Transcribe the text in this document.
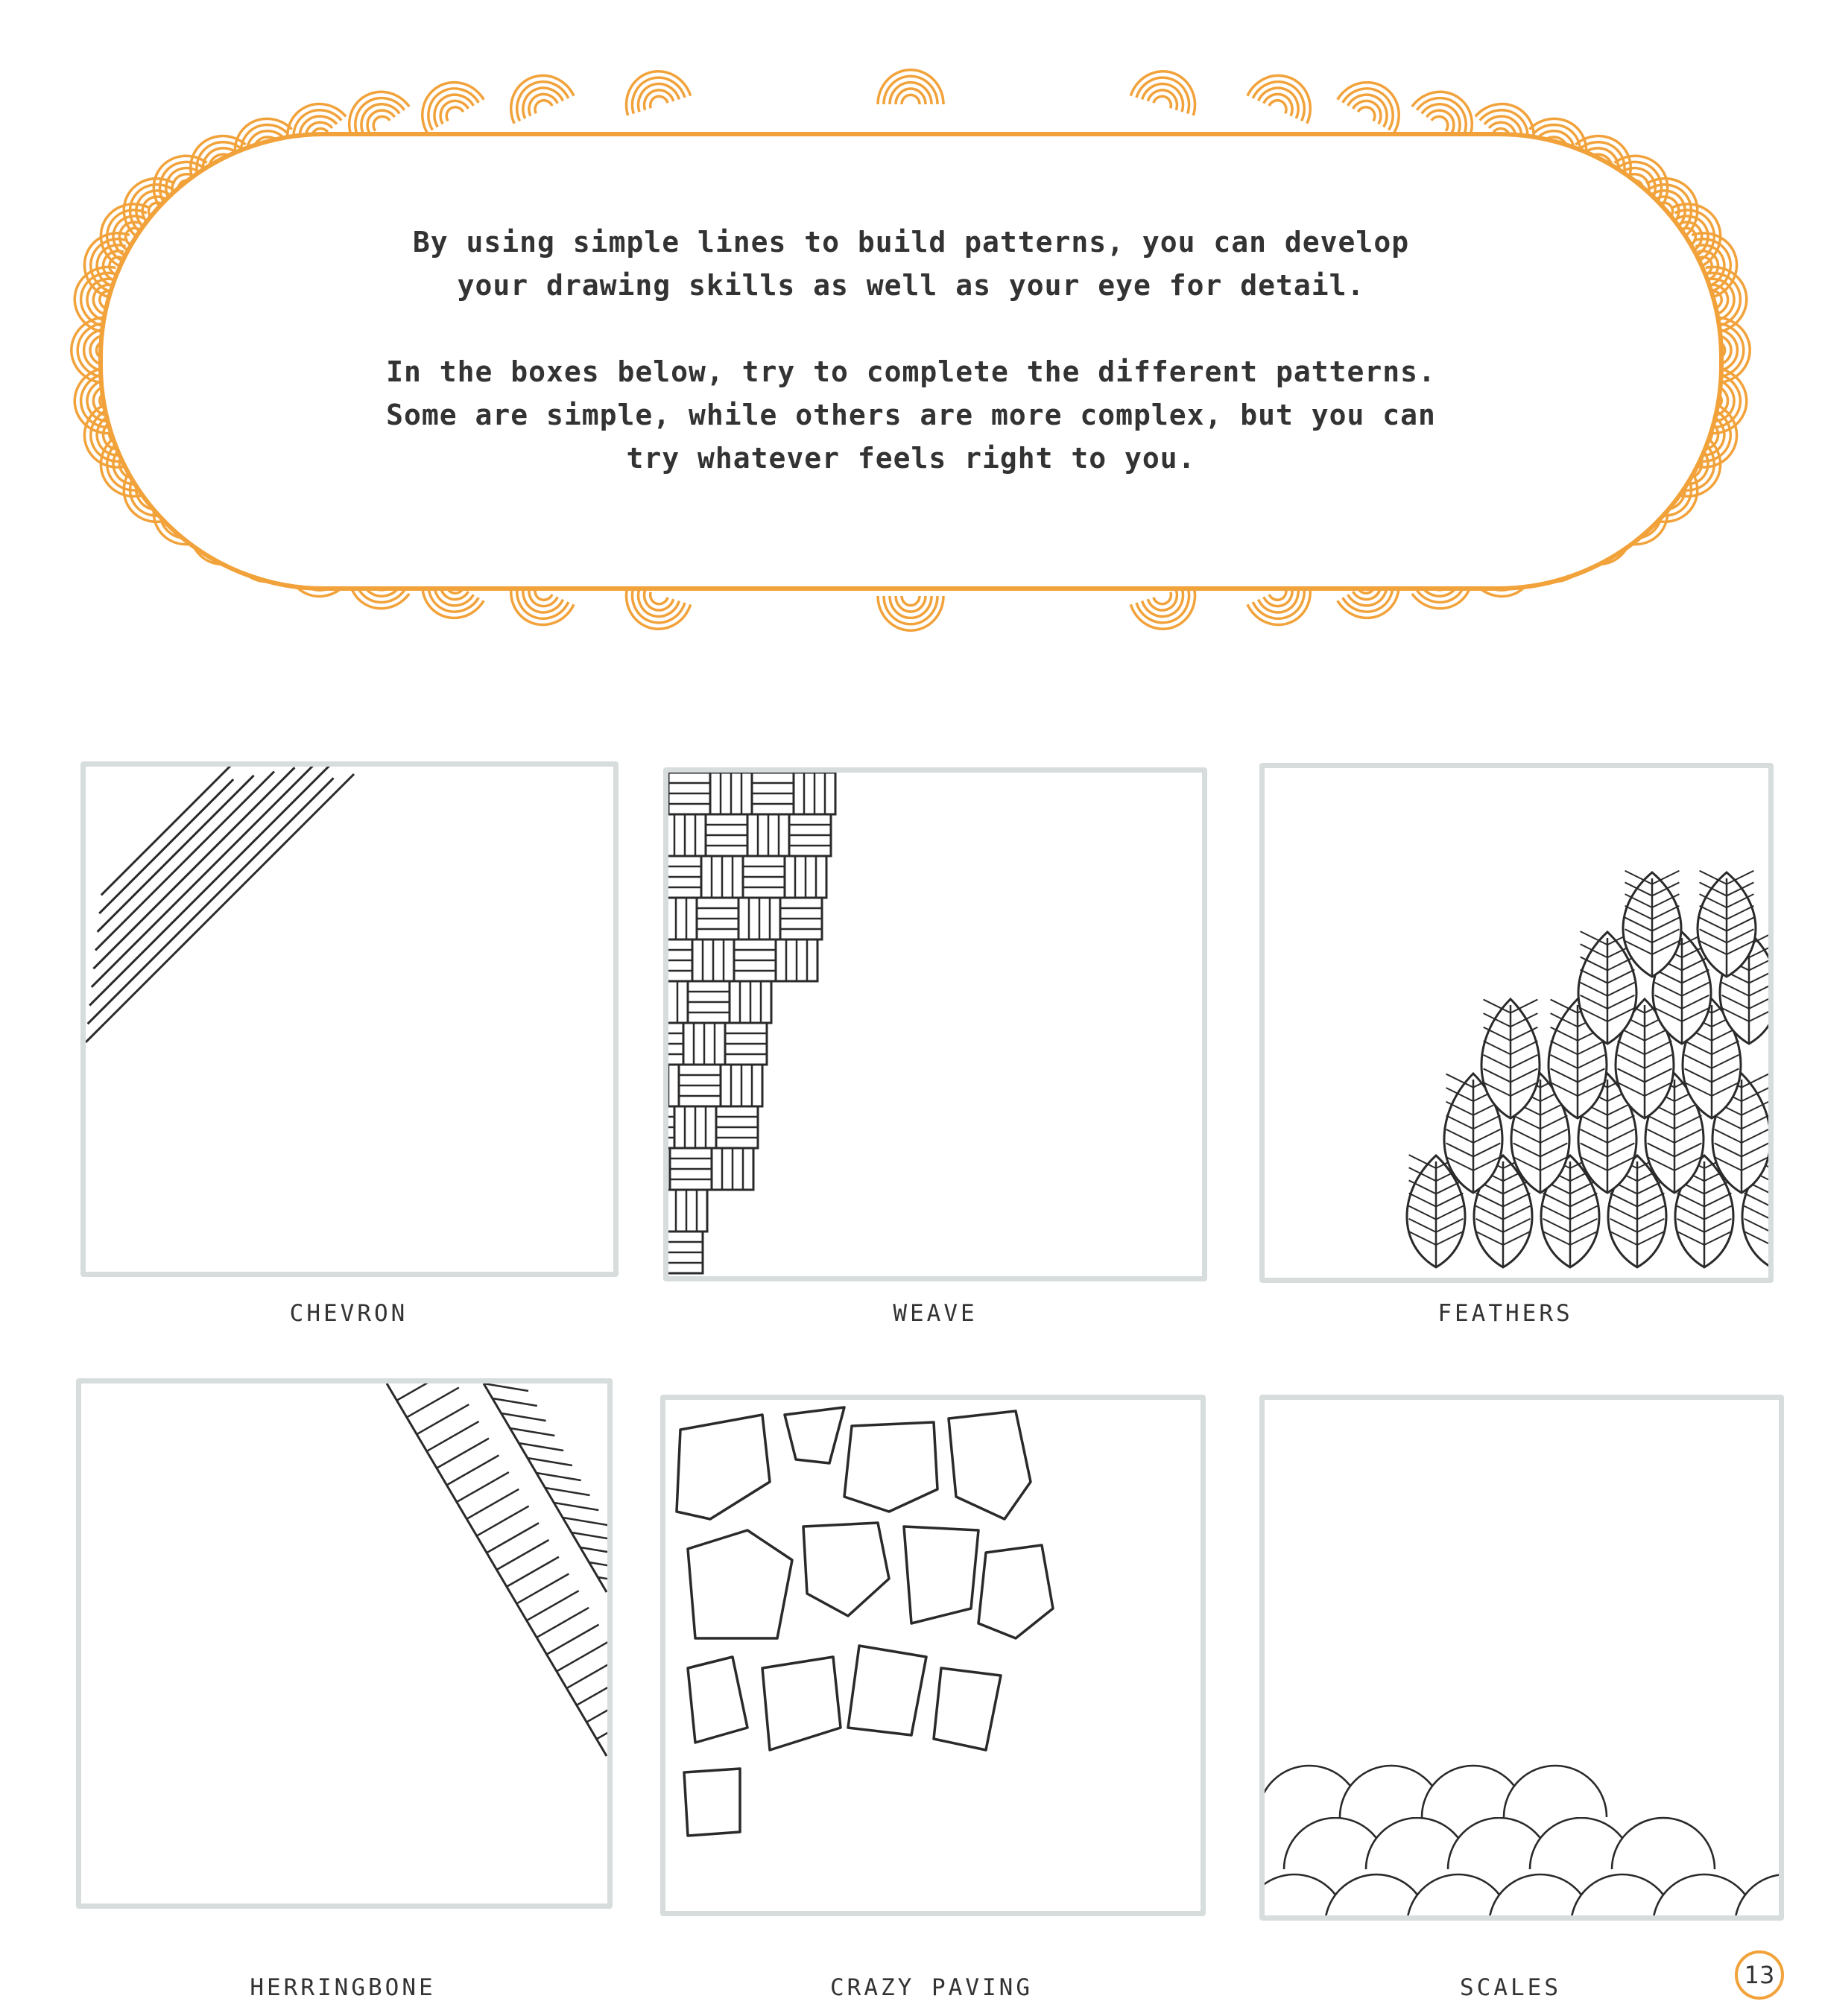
By using simple lines to build patterns, you can develop
your drawing skills as well as your eye for detail.

In the boxes below, try to complete the different patterns.
Some are simple, while others are more complex, but you can
try whatever feels right to you.

CHEVRON	WEAVE	FEATHERS
HERRINGBONE	CRAZY PAVING	SCALES	13
